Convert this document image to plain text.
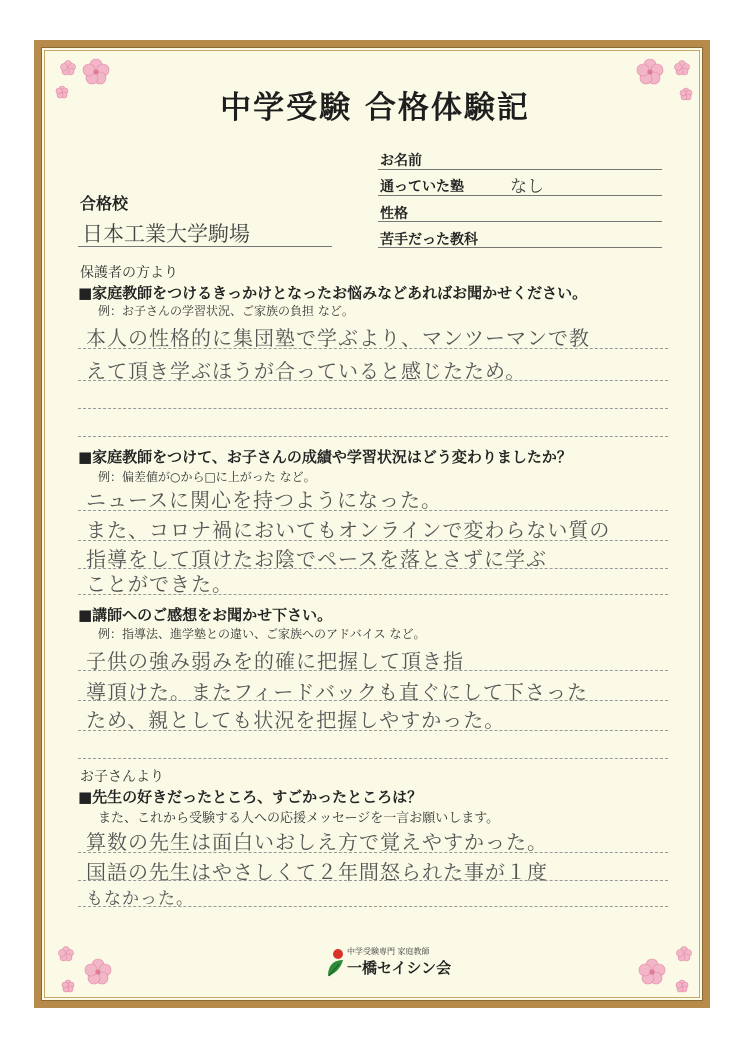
中学受験 合格体験記
お名前
通っていた塾	なし
性格
苦手だった教科
合格校
日本工業大学駒場
保護者の方より
■家庭教師をつけるきっかけとなったお悩みなどあればお聞かせください。
例：お子さんの学習状況、ご家族の負担 など。
本人の性格的に集団塾で学ぶより、マンツーマンで教
えて頂き学ぶほうが合っていると感じたため。
■家庭教師をつけて、お子さんの成績や学習状況はどう変わりましたか？
例：偏差値が○から□に上がった など。
ニュースに関心を持つようになった。
また、コロナ禍においてもオンラインで変わらない質の
指導をして頂けたお陰でペースを落とさずに学ぶ
ことができた。
■講師へのご感想をお聞かせ下さい。
例：指導法、進学塾との違い、ご家族へのアドバイス など。
子供の強み弱みを的確に把握して頂き指
導頂けた。またフィードバックも直ぐにして下さった
ため、親としても状況を把握しやすかった。
お子さんより
■先生の好きだったところ、すごかったところは？
また、これから受験する人への応援メッセージを一言お願いします。
算数の先生は面白いおしえ方で覚えやすかった。
国語の先生はやさしくて２年間怒られた事が１度
もなかった。
中学受験専門 家庭教師
一橋セイシン会
